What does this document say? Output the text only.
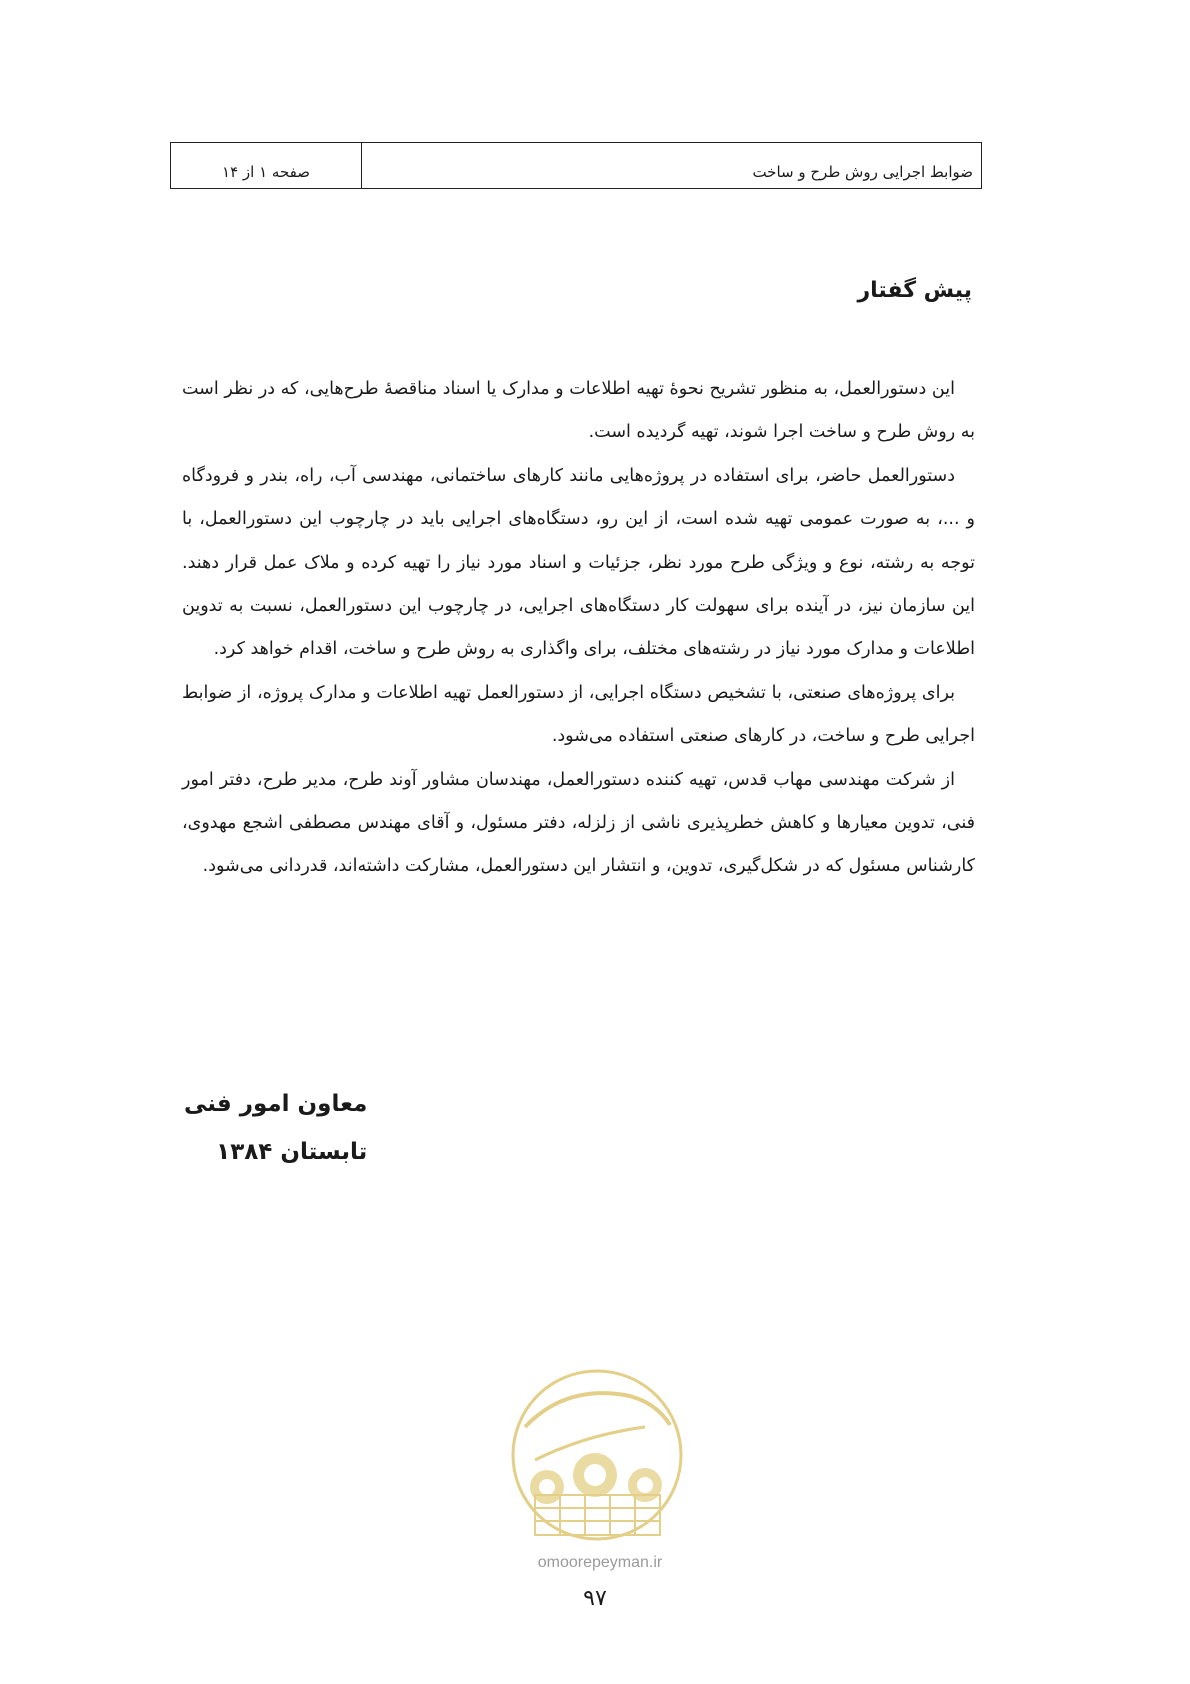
ضوابط اجرایی روش طرح و ساخت
صفحه ۱ از ۱۴
پیش گفتار

این دستورالعمل، به منظور تشریح نحوهٔ تهیه اطلاعات و مدارک یا اسناد مناقصهٔ طرح‌هایی، که در نظر است به روش طرح و ساخت اجرا شوند، تهیه گردیده است.

دستورالعمل حاضر، برای استفاده در پروژه‌هایی مانند کارهای ساختمانی، مهندسی آب، راه، بندر و فرودگاه و ...، به صورت عمومی تهیه شده است، از این رو، دستگاه‌های اجرایی باید در چارچوب این دستورالعمل، با توجه به رشته، نوع و ویژگی طرح مورد نظر، جزئیات و اسناد مورد نیاز را تهیه کرده و ملاک عمل قرار دهند. این سازمان نیز، در آینده برای سهولت کار دستگاه‌های اجرایی، در چارچوب این دستورالعمل، نسبت به تدوین اطلاعات و مدارک مورد نیاز در رشته‌های مختلف، برای واگذاری به روش طرح و ساخت، اقدام خواهد کرد.

برای پروژه‌های صنعتی، با تشخیص دستگاه اجرایی، از دستورالعمل تهیه اطلاعات و مدارک پروژه، از ضوابط اجرایی طرح و ساخت، در کارهای صنعتی استفاده می‌شود.

از شرکت مهندسی مهاب قدس، تهیه کننده دستورالعمل، مهندسان مشاور آوند طرح، مدیر طرح، دفتر امور فنی، تدوین معیارها و کاهش خطرپذیری ناشی از زلزله، دفتر مسئول، و آقای مهندس مصطفی اشجع مهدوی، کارشناس مسئول که در شکل‌گیری، تدوین، و انتشار این دستورالعمل، مشارکت داشته‌اند، قدردانی می‌شود.

معاون امور فنی
تابستان ۱۳۸۴
omoorepeyman.ir
۹۷
